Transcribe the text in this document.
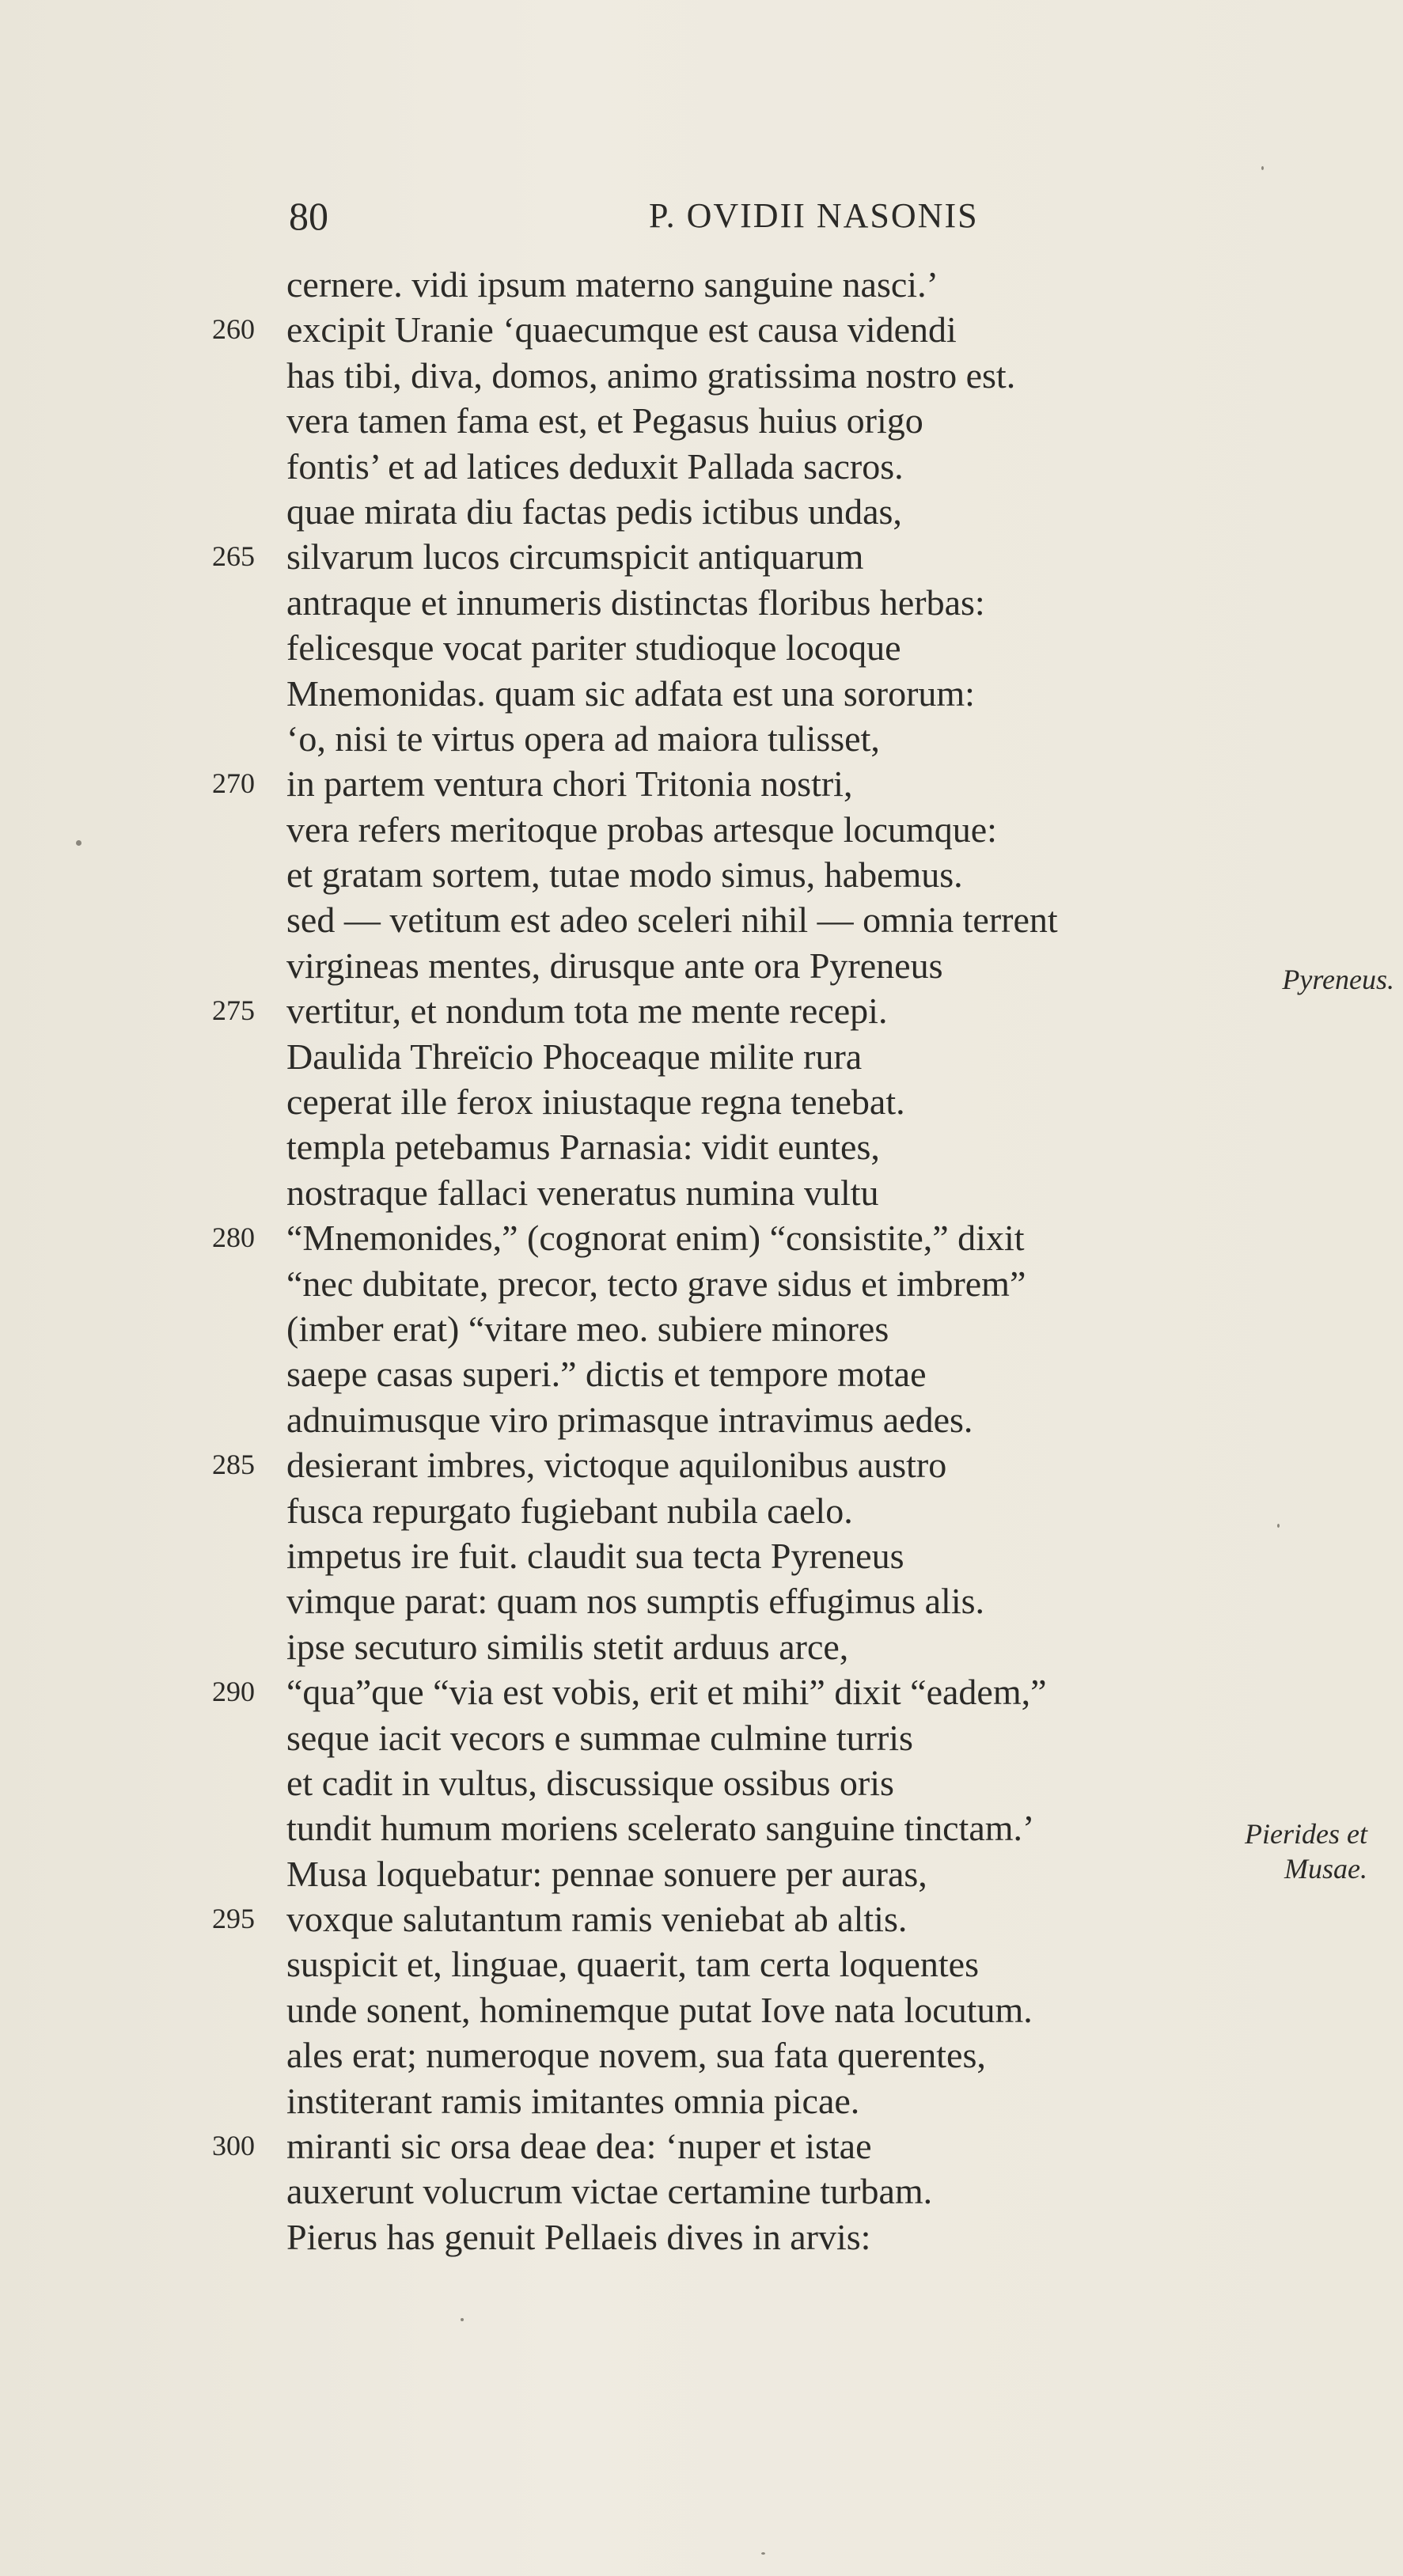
80	P. OVIDII NASONIS
cernere. vidi ipsum materno sanguine nasci.’
260 excipit Uranie ‘quaecumque est causa videndi
has tibi, diva, domos, animo gratissima nostro est.
vera tamen fama est, et Pegasus huius origo
fontis’ et ad latices deduxit Pallada sacros.
quae mirata diu factas pedis ictibus undas,
265 silvarum lucos circumspicit antiquarum
antraque et innumeris distinctas floribus herbas:
felicesque vocat pariter studioque locoque
Mnemonidas. quam sic adfata est una sororum:
‘o, nisi te virtus opera ad maiora tulisset,
270 in partem ventura chori Tritonia nostri,
vera refers meritoque probas artesque locumque:
et gratam sortem, tutae modo simus, habemus.
sed — vetitum est adeo sceleri nihil — omnia terrent
virgineas mentes, dirusque ante ora Pyreneus
275 vertitur, et nondum tota me mente recepi.
Daulida Threïcio Phoceaque milite rura
ceperat ille ferox iniustaque regna tenebat.
templa petebamus Parnasia: vidit euntes,
nostraque fallaci veneratus numina vultu
280 “Mnemonides,” (cognorat enim) “consistite,” dixit
“nec dubitate, precor, tecto grave sidus et imbrem”
(imber erat) “vitare meo. subiere minores
saepe casas superi.” dictis et tempore motae
adnuimusque viro primasque intravimus aedes.
285 desierant imbres, victoque aquilonibus austro
fusca repurgato fugiebant nubila caelo.
impetus ire fuit. claudit sua tecta Pyreneus
vimque parat: quam nos sumptis effugimus alis.
ipse secuturo similis stetit arduus arce,
290 “qua”que “via est vobis, erit et mihi” dixit “eadem,”
seque iacit vecors e summae culmine turris
et cadit in vultus, discussique ossibus oris
tundit humum moriens scelerato sanguine tinctam.’
Musa loquebatur: pennae sonuere per auras,
295 voxque salutantum ramis veniebat ab altis.
suspicit et, linguae, quaerit, tam certa loquentes
unde sonent, hominemque putat Iove nata locutum.
ales erat; numeroque novem, sua fata querentes,
institerant ramis imitantes omnia picae.
300 miranti sic orsa deae dea: ‘nuper et istae
auxerunt volucrum victae certamine turbam.
Pierus has genuit Pellaeis dives in arvis:
Pyreneus.
Pierides et
Musae.
